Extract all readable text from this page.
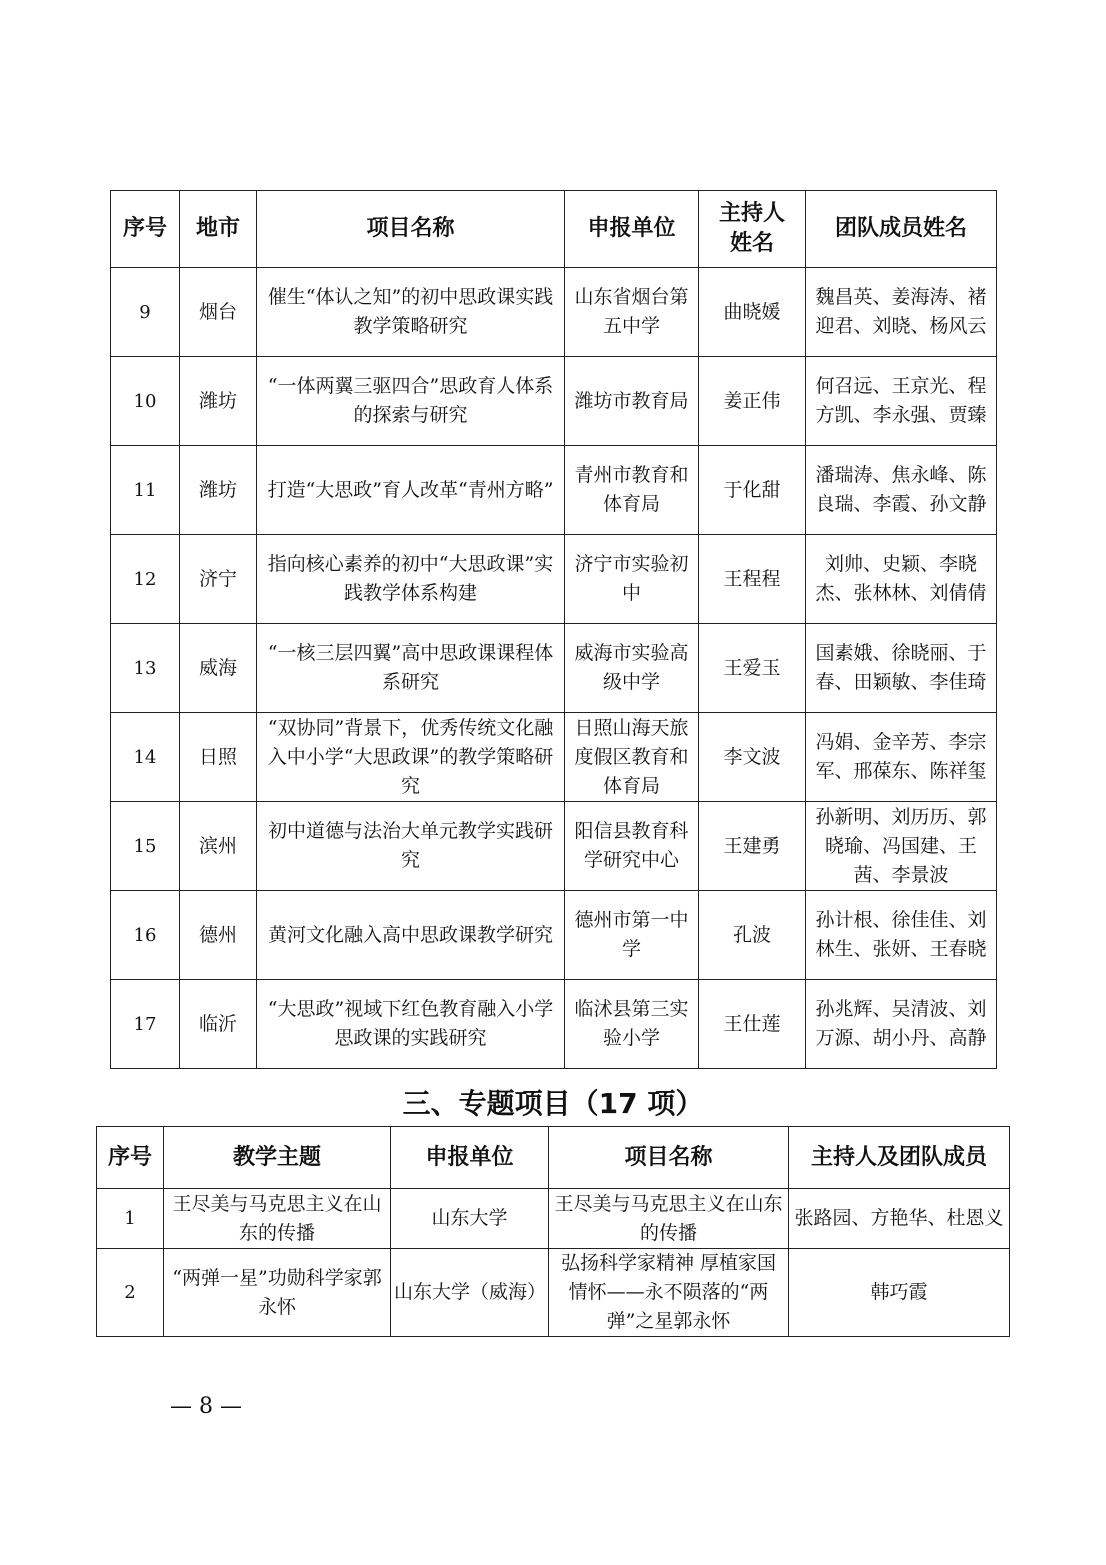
序号	地市	项目名称	申报单位	主持人姓名	团队成员姓名
9	烟台	催生“体认之知”的初中思政课实践教学策略研究	山东省烟台第五中学	曲晓媛	魏昌英、姜海涛、褚迎君、刘晓、杨风云
10	潍坊	“一体两翼三驱四合”思政育人体系的探索与研究	潍坊市教育局	姜正伟	何召远、王京光、程方凯、李永强、贾臻
11	潍坊	打造“大思政”育人改革“青州方略”	青州市教育和体育局	于化甜	潘瑞涛、焦永峰、陈良瑞、李霞、孙文静
12	济宁	指向核心素养的初中“大思政课”实践教学体系构建	济宁市实验初中	王程程	刘帅、史颖、李晓杰、张林林、刘倩倩
13	威海	“一核三层四翼”高中思政课课程体系研究	威海市实验高级中学	王爱玉	国素娥、徐晓丽、于春、田颖敏、李佳琦
14	日照	“双协同”背景下，优秀传统文化融入中小学“大思政课”的教学策略研究	日照山海天旅度假区教育和体育局	李文波	冯娟、金辛芳、李宗军、邢葆东、陈祥玺
15	滨州	初中道德与法治大单元教学实践研究	阳信县教育科学研究中心	王建勇	孙新明、刘历历、郭晓瑜、冯国建、王茜、李景波
16	德州	黄河文化融入高中思政课教学研究	德州市第一中学	孔波	孙计根、徐佳佳、刘林生、张妍、王春晓
17	临沂	“大思政”视域下红色教育融入小学思政课的实践研究	临沭县第三实验小学	王仕莲	孙兆辉、吴清波、刘万源、胡小丹、高静
三、专题项目（17 项）
序号	教学主题	申报单位	项目名称	主持人及团队成员
1	王尽美与马克思主义在山东的传播	山东大学	王尽美与马克思主义在山东的传播	张路园、方艳华、杜恩义
2	“两弹一星”功勋科学家郭永怀	山东大学（威海）	弘扬科学家精神 厚植家国情怀——永不陨落的“两弹”之星郭永怀	韩巧霞
— 8 —
